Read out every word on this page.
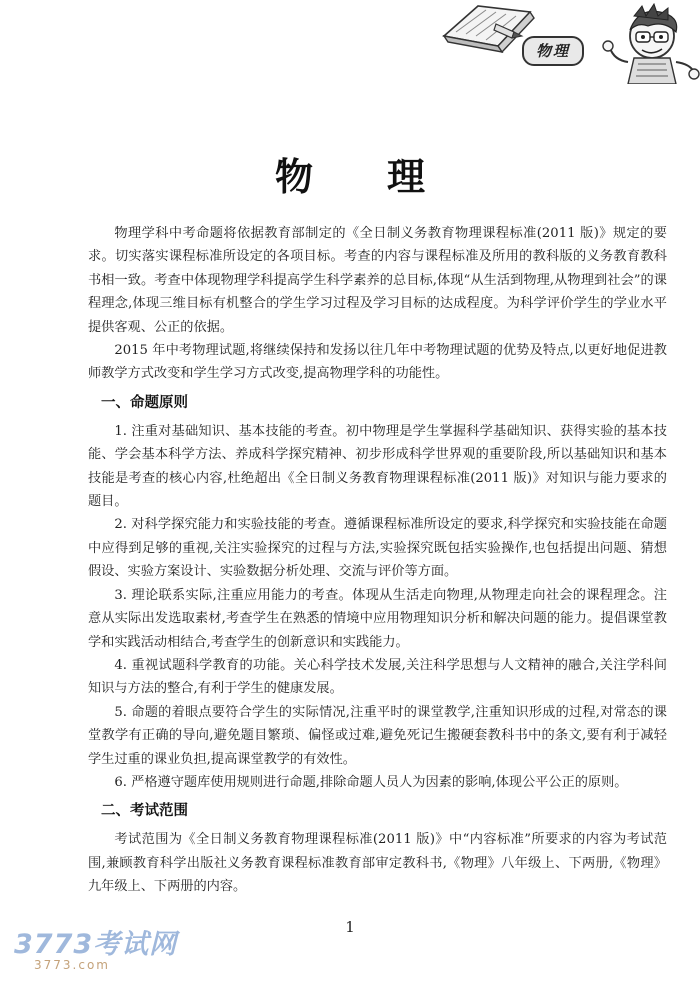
物理
物理

物理学科中考命题将依据教育部制定的《全日制义务教育物理课程标准(2011 版)》规定的要求。切实落实课程标准所设定的各项目标。考查的内容与课程标准及所用的教科版的义务教育教科书相一致。考查中体现物理学科提高学生科学素养的总目标,体现“从生活到物理,从物理到社会”的课程理念,体现三维目标有机整合的学生学习过程及学习目标的达成程度。为科学评价学生的学业水平提供客观、公正的依据。

2015 年中考物理试题,将继续保持和发扬以往几年中考物理试题的优势及特点,以更好地促进教师教学方式改变和学生学习方式改变,提高物理学科的功能性。

一、命题原则

1. 注重对基础知识、基本技能的考查。初中物理是学生掌握科学基础知识、获得实验的基本技能、学会基本科学方法、养成科学探究精神、初步形成科学世界观的重要阶段,所以基础知识和基本技能是考查的核心内容,杜绝超出《全日制义务教育物理课程标准(2011 版)》对知识与能力要求的题目。

2. 对科学探究能力和实验技能的考查。遵循课程标准所设定的要求,科学探究和实验技能在命题中应得到足够的重视,关注实验探究的过程与方法,实验探究既包括实验操作,也包括提出问题、猜想假设、实验方案设计、实验数据分析处理、交流与评价等方面。

3. 理论联系实际,注重应用能力的考查。体现从生活走向物理,从物理走向社会的课程理念。注意从实际出发选取素材,考查学生在熟悉的情境中应用物理知识分析和解决问题的能力。提倡课堂教学和实践活动相结合,考查学生的创新意识和实践能力。

4. 重视试题科学教育的功能。关心科学技术发展,关注科学思想与人文精神的融合,关注学科间知识与方法的整合,有利于学生的健康发展。

5. 命题的着眼点要符合学生的实际情况,注重平时的课堂教学,注重知识形成的过程,对常态的课堂教学有正确的导向,避免题目繁琐、偏怪或过难,避免死记生搬硬套教科书中的条文,要有利于减轻学生过重的课业负担,提高课堂教学的有效性。

6. 严格遵守题库使用规则进行命题,排除命题人员人为因素的影响,体现公平公正的原则。

二、考试范围

考试范围为《全日制义务教育物理课程标准(2011 版)》中“内容标准”所要求的内容为考试范围,兼顾教育科学出版社义务教育课程标准教育部审定教科书,《物理》八年级上、下两册,《物理》九年级上、下两册的内容。

1
3773考试网
3773.com
